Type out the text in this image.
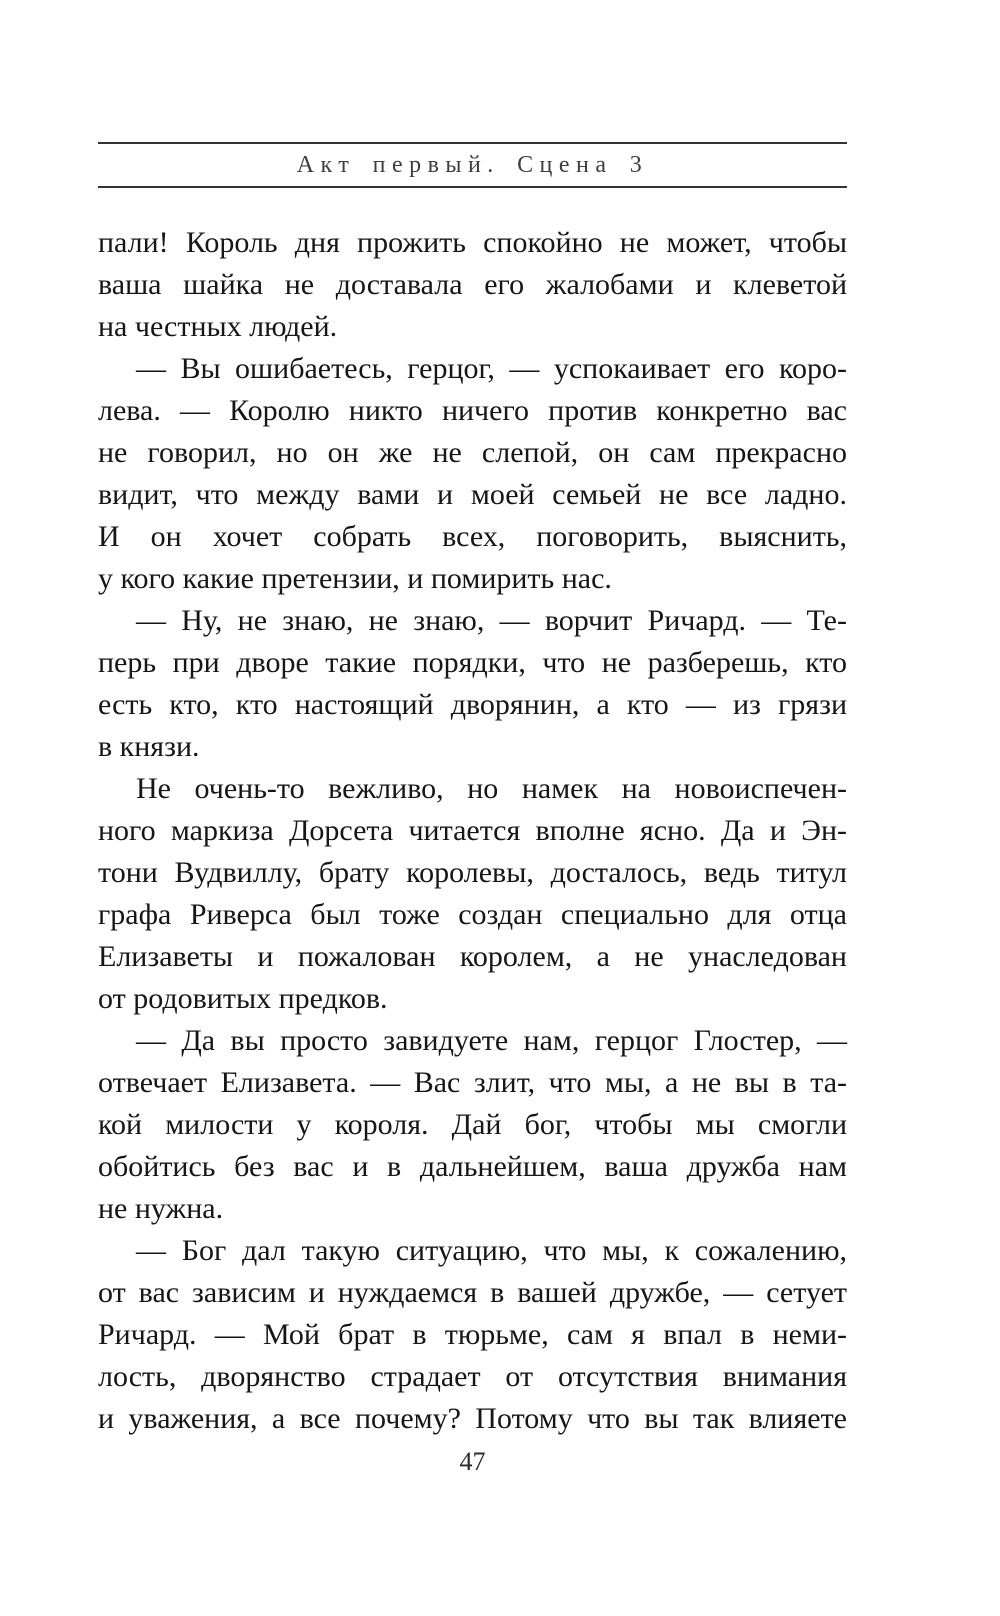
Акт первый. Сцена 3
пали! Король дня прожить спокойно не может, чтобы
ваша шайка не доставала его жалобами и клеветой
на честных людей.
— Вы ошибаетесь, герцог, — успокаивает его коро-
лева. — Королю никто ничего против конкретно вас
не говорил, но он же не слепой, он сам прекрасно
видит, что между вами и моей семьей не все ладно.
И он хочет собрать всех, поговорить, выяснить,
у кого какие претензии, и помирить нас.
— Ну, не знаю, не знаю, — ворчит Ричард. — Те-
перь при дворе такие порядки, что не разберешь, кто
есть кто, кто настоящий дворянин, а кто — из грязи
в князи.
Не очень-то вежливо, но намек на новоиспечен-
ного маркиза Дорсета читается вполне ясно. Да и Эн-
тони Вудвиллу, брату королевы, досталось, ведь титул
графа Риверса был тоже создан специально для отца
Елизаветы и пожалован королем, а не унаследован
от родовитых предков.
— Да вы просто завидуете нам, герцог Глостер, —
отвечает Елизавета. — Вас злит, что мы, а не вы в та-
кой милости у короля. Дай бог, чтобы мы смогли
обойтись без вас и в дальнейшем, ваша дружба нам
не нужна.
— Бог дал такую ситуацию, что мы, к сожалению,
от вас зависим и нуждаемся в вашей дружбе, — сетует
Ричард. — Мой брат в тюрьме, сам я впал в неми-
лость, дворянство страдает от отсутствия внимания
и уважения, а все почему? Потому что вы так влияете
47
